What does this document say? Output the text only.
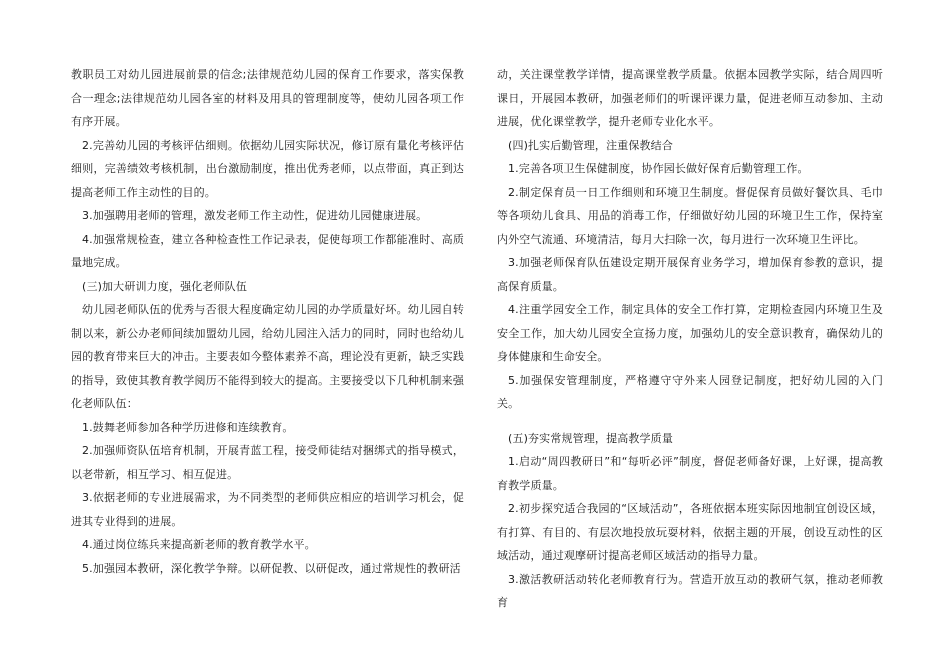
教职员工对幼儿园进展前景的信念;法律规范幼儿园的保育工作要求，落实保教合一理念;法律规范幼儿园各室的材料及用具的管理制度等，使幼儿园各项工作有序开展。

2.完善幼儿园的考核评估细则。依据幼儿园实际状况，修订原有量化考核评估细则，完善绩效考核机制，出台激励制度，推出优秀老师，以点带面，真正到达提高老师工作主动性的目的。

3.加强聘用老师的管理，激发老师工作主动性，促进幼儿园健康进展。

4.加强常规检查，建立各种检查性工作记录表，促使每项工作都能准时、高质量地完成。

(三)加大研训力度，强化老师队伍

幼儿园老师队伍的优秀与否很大程度确定幼儿园的办学质量好坏。幼儿园自转制以来，新公办老师间续加盟幼儿园，给幼儿园注入活力的同时，同时也给幼儿园的教育带来巨大的冲击。主要表如今整体素养不高，理论没有更新，缺乏实践的指导，致使其教育教学阅历不能得到较大的提高。主要接受以下几种机制来强化老师队伍：

1.鼓舞老师参加各种学历进修和连续教育。

2.加强师资队伍培育机制，开展青蓝工程，接受师徒结对捆绑式的指导模式，以老带新，相互学习、相互促进。

3.依据老师的专业进展需求，为不同类型的老师供应相应的培训学习机会，促进其专业得到的进展。

4.通过岗位练兵来提高新老师的教育教学水平。

5.加强园本教研，深化教学争辩。以研促教、以研促改，通过常规性的教研活

动，关注课堂教学详情，提高课堂教学质量。依据本园教学实际，结合周四听课日，开展园本教研，加强老师们的听课评课力量，促进老师互动参加、主动进展，优化课堂教学，提升老师专业化水平。

(四)扎实后勤管理，注重保教结合

1.完善各项卫生保健制度，协作园长做好保育后勤管理工作。

2.制定保育员一日工作细则和环境卫生制度。督促保育员做好餐饮具、毛巾等各项幼儿食具、用品的消毒工作，仔细做好幼儿园的环境卫生工作，保持室内外空气流通、环境清洁，每月大扫除一次，每月进行一次环境卫生评比。

3.加强老师保育队伍建设定期开展保育业务学习，增加保育参教的意识，提高保育质量。

4.注重学园安全工作，制定具体的安全工作打算，定期检查园内环境卫生及安全工作，加大幼儿园安全宣扬力度，加强幼儿的安全意识教育，确保幼儿的身体健康和生命安全。

5.加强保安管理制度，严格遵守守外来人园登记制度，把好幼儿园的入门关。

(五)夯实常规管理，提高教学质量

1.启动“周四教研日”和“每听必评”制度，督促老师备好课，上好课，提高教育教学质量。

2.初步探究适合我园的“区域活动”，各班依据本班实际因地制宜创设区域，有打算、有目的、有层次地投放玩耍材料，依据主题的开展，创设互动性的区域活动，通过观摩研讨提高老师区域活动的指导力量。

3.激活教研活动转化老师教育行为。营造开放互动的教研气氛，推动老师教育
